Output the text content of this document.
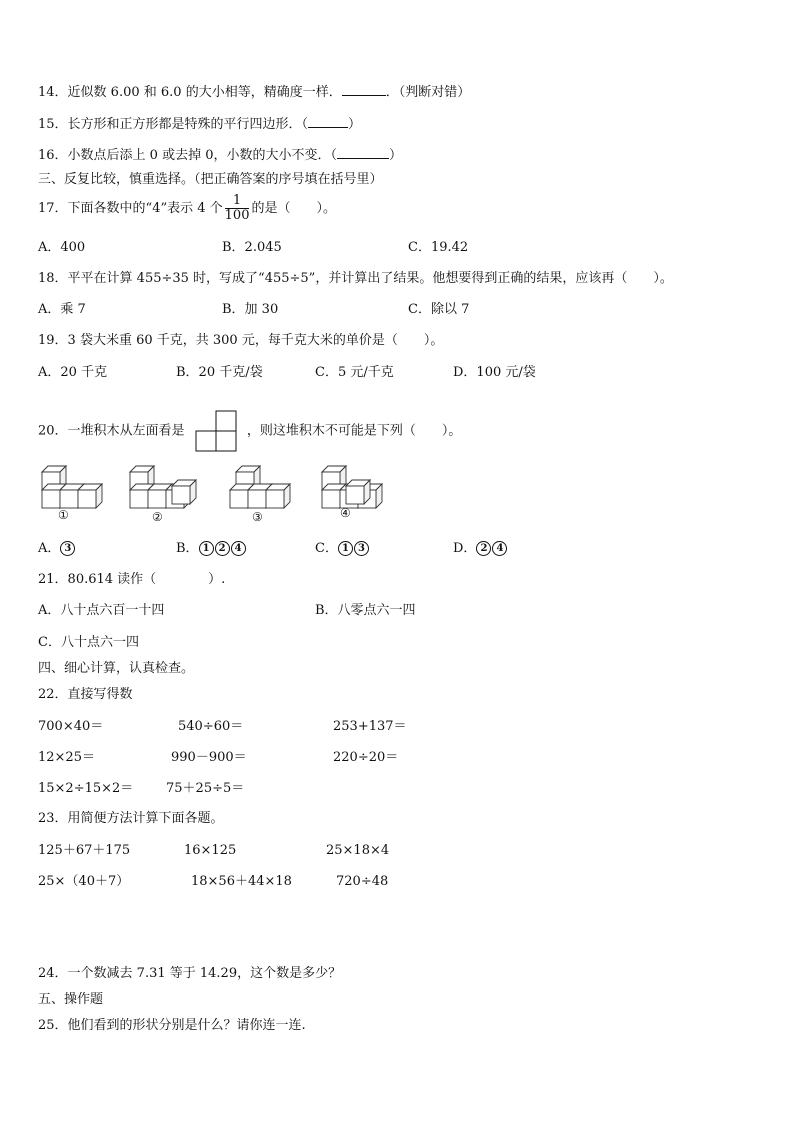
14．近似数 6.00 和 6.0 的大小相等，精确度一样．	．（判断对错）
15．长方形和正方形都是特殊的平行四边形．（	）
16．小数点后添上 0 或去掉 0，小数的大小不变．（	）
三、反复比较，慎重选择。（把正确答案的序号填在括号里）
17．下面各数中的“4”表示 4 个 $\frac{1}{100}$ 的是（　　）。
A．400	B．2.045	C．19.42
18．平平在计算 455÷35 时，写成了“455÷5”，并计算出了结果。他想要得到正确的结果，应该再（　　）。
A．乘 7	B．加 30	C．除以 7
19．3 袋大米重 60 千克，共 300 元，每千克大米的单价是（　　）。
A．20 千克	B．20 千克/袋	C．5 元/千克	D．100 元/袋
20．一堆积木从左面看是	，则这堆积木不可能是下列（　　）。
①	②	③	④
A． 3	B． 1 2 4	C． 1 3	D． 2 4
21．80.614 读作（　　　　）.
A．八十点六百一十四	B．八零点六一四
C．八十点六一四
四、细心计算，认真检查。
22．直接写得数
700×40＝	540÷60＝	253+137＝
12×25＝	990－900＝	220÷20＝
15×2÷15×2＝	75＋25÷5＝
23．用简便方法计算下面各题。
125＋67＋175	16×125	25×18×4
25×（40＋7）	18×56＋44×18	720÷48
24．一个数减去 7.31 等于 14.29，这个数是多少？
五、操作题
25．他们看到的形状分别是什么？请你连一连.
